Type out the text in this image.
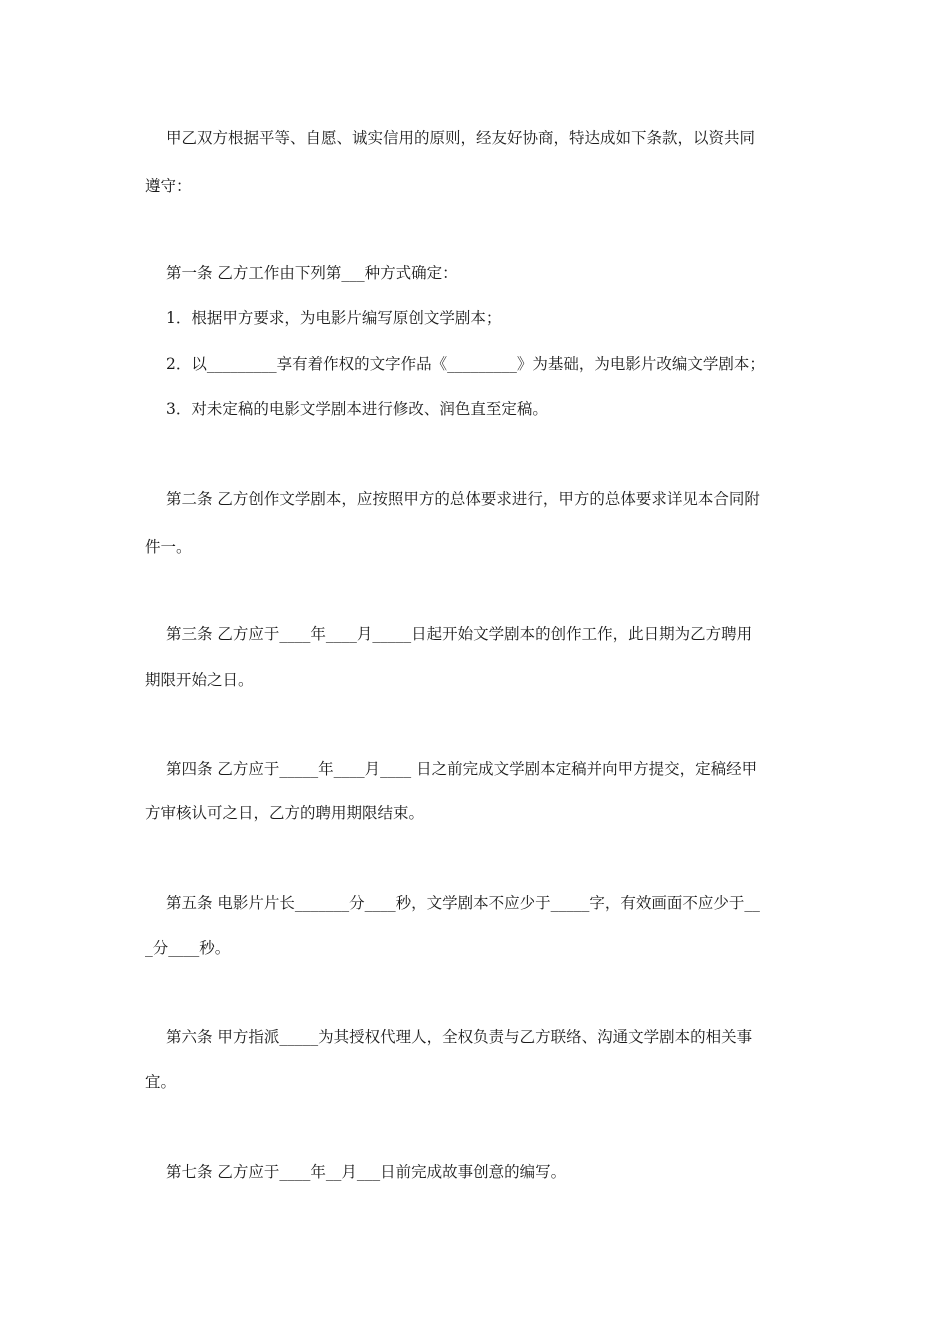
甲乙双方根据平等、自愿、诚实信用的原则，经友好协商，特达成如下条款，以资共同
遵守：
第一条 乙方工作由下列第___种方式确定：
1．根据甲方要求，为电影片编写原创文学剧本；
2．以_________享有着作权的文字作品《_________》为基础，为电影片改编文学剧本；
3．对未定稿的电影文学剧本进行修改、润色直至定稿。
第二条 乙方创作文学剧本，应按照甲方的总体要求进行，甲方的总体要求详见本合同附
件一。
第三条 乙方应于____年____月_____日起开始文学剧本的创作工作，此日期为乙方聘用
期限开始之日。
第四条 乙方应于_____年____月____ 日之前完成文学剧本定稿并向甲方提交，定稿经甲
方审核认可之日，乙方的聘用期限结束。
第五条 电影片片长_______分____秒，文学剧本不应少于_____字，有效画面不应少于__
_分____秒。
第六条 甲方指派_____为其授权代理人，全权负责与乙方联络、沟通文学剧本的相关事
宜。
第七条 乙方应于____年__月___日前完成故事创意的编写。
